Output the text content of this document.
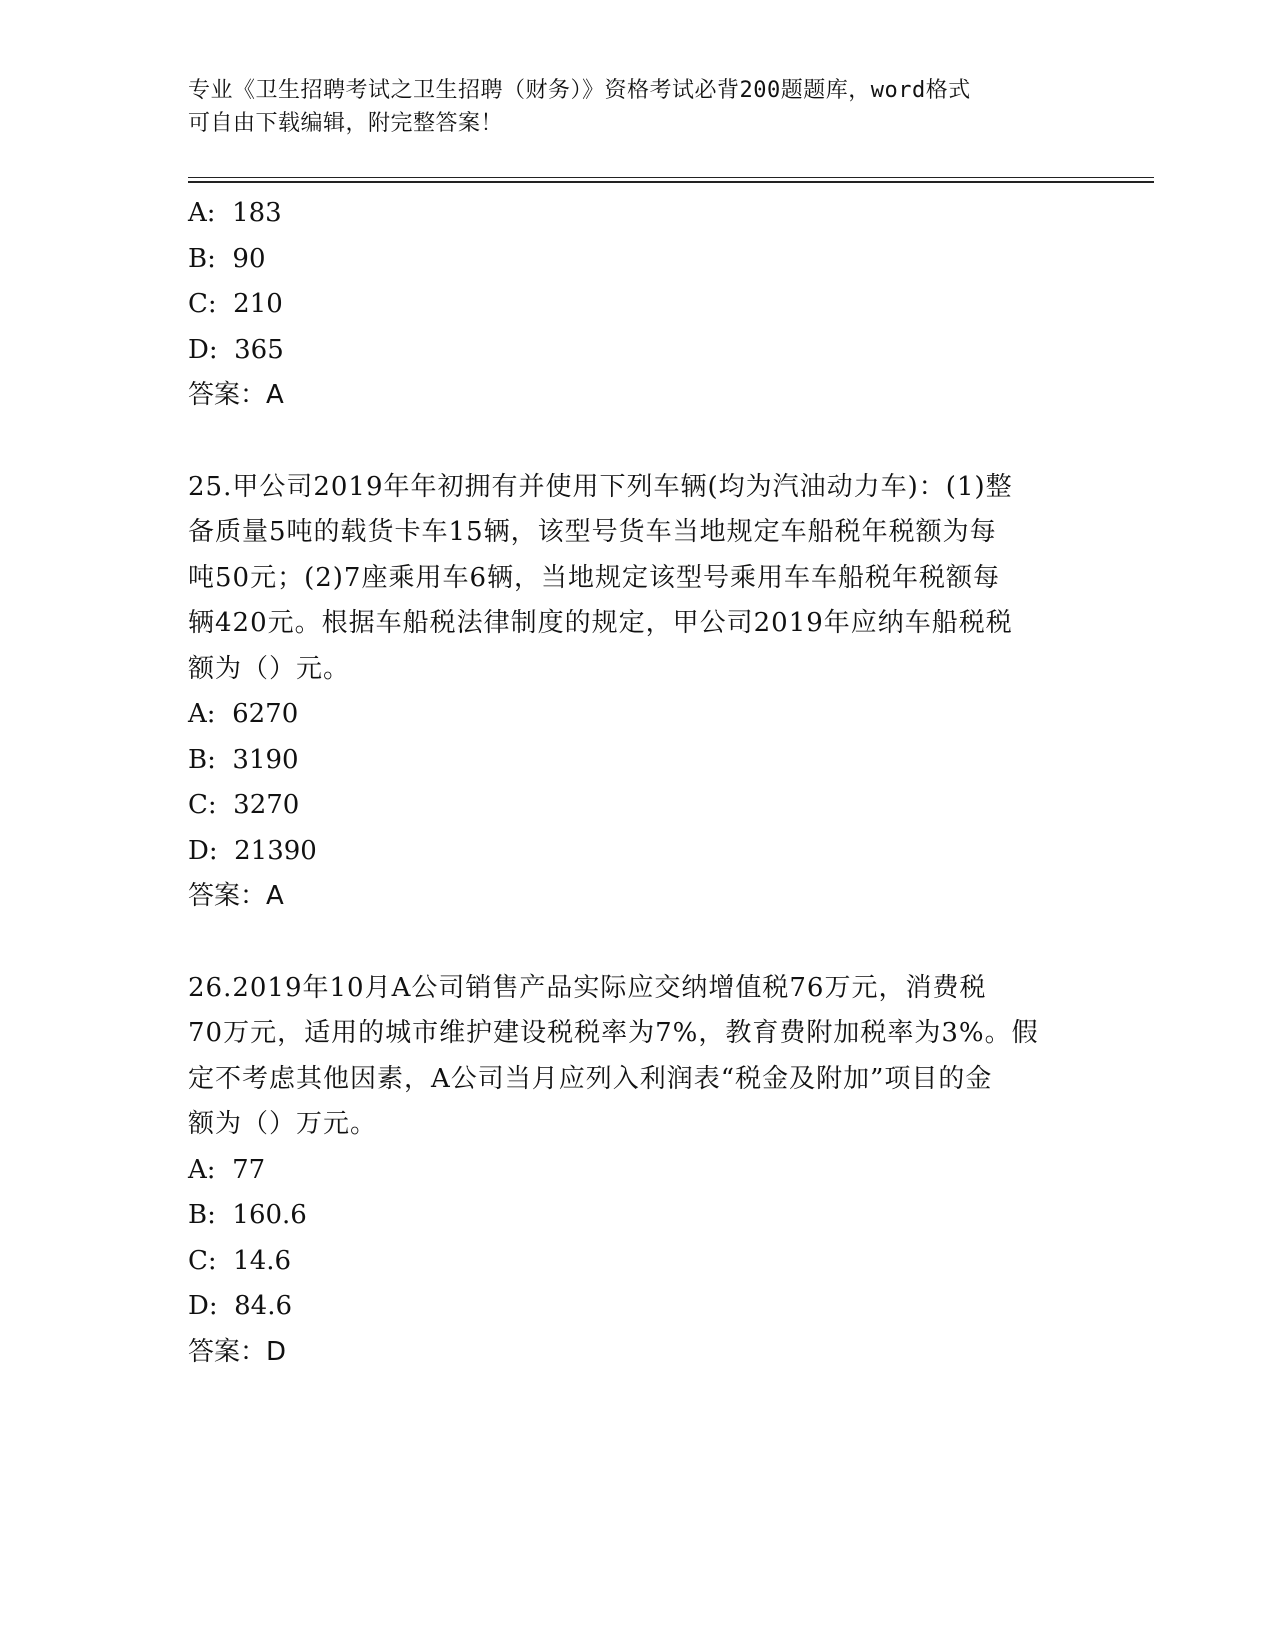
专业《卫生招聘考试之卫生招聘（财务）》资格考试必背200题题库，word格式
可自由下载编辑，附完整答案！
A:  183
B:  90
C:  210
D:  365
答案：A
25.甲公司2019年年初拥有并使用下列车辆(均为汽油动力车)：(1)整
备质量5吨的载货卡车15辆，该型号货车当地规定车船税年税额为每
吨50元；(2)7座乘用车6辆，当地规定该型号乘用车车船税年税额每
辆420元。根据车船税法律制度的规定，甲公司2019年应纳车船税税
额为（）元。
A:  6270
B:  3190
C:  3270
D:  21390
答案：A
26.2019年10月A公司销售产品实际应交纳增值税76万元，消费税
70万元，适用的城市维护建设税税率为7%，教育费附加税率为3%。假
定不考虑其他因素，A公司当月应列入利润表“税金及附加”项目的金
额为（）万元。
A:  77
B:  160.6
C:  14.6
D:  84.6
答案：D
